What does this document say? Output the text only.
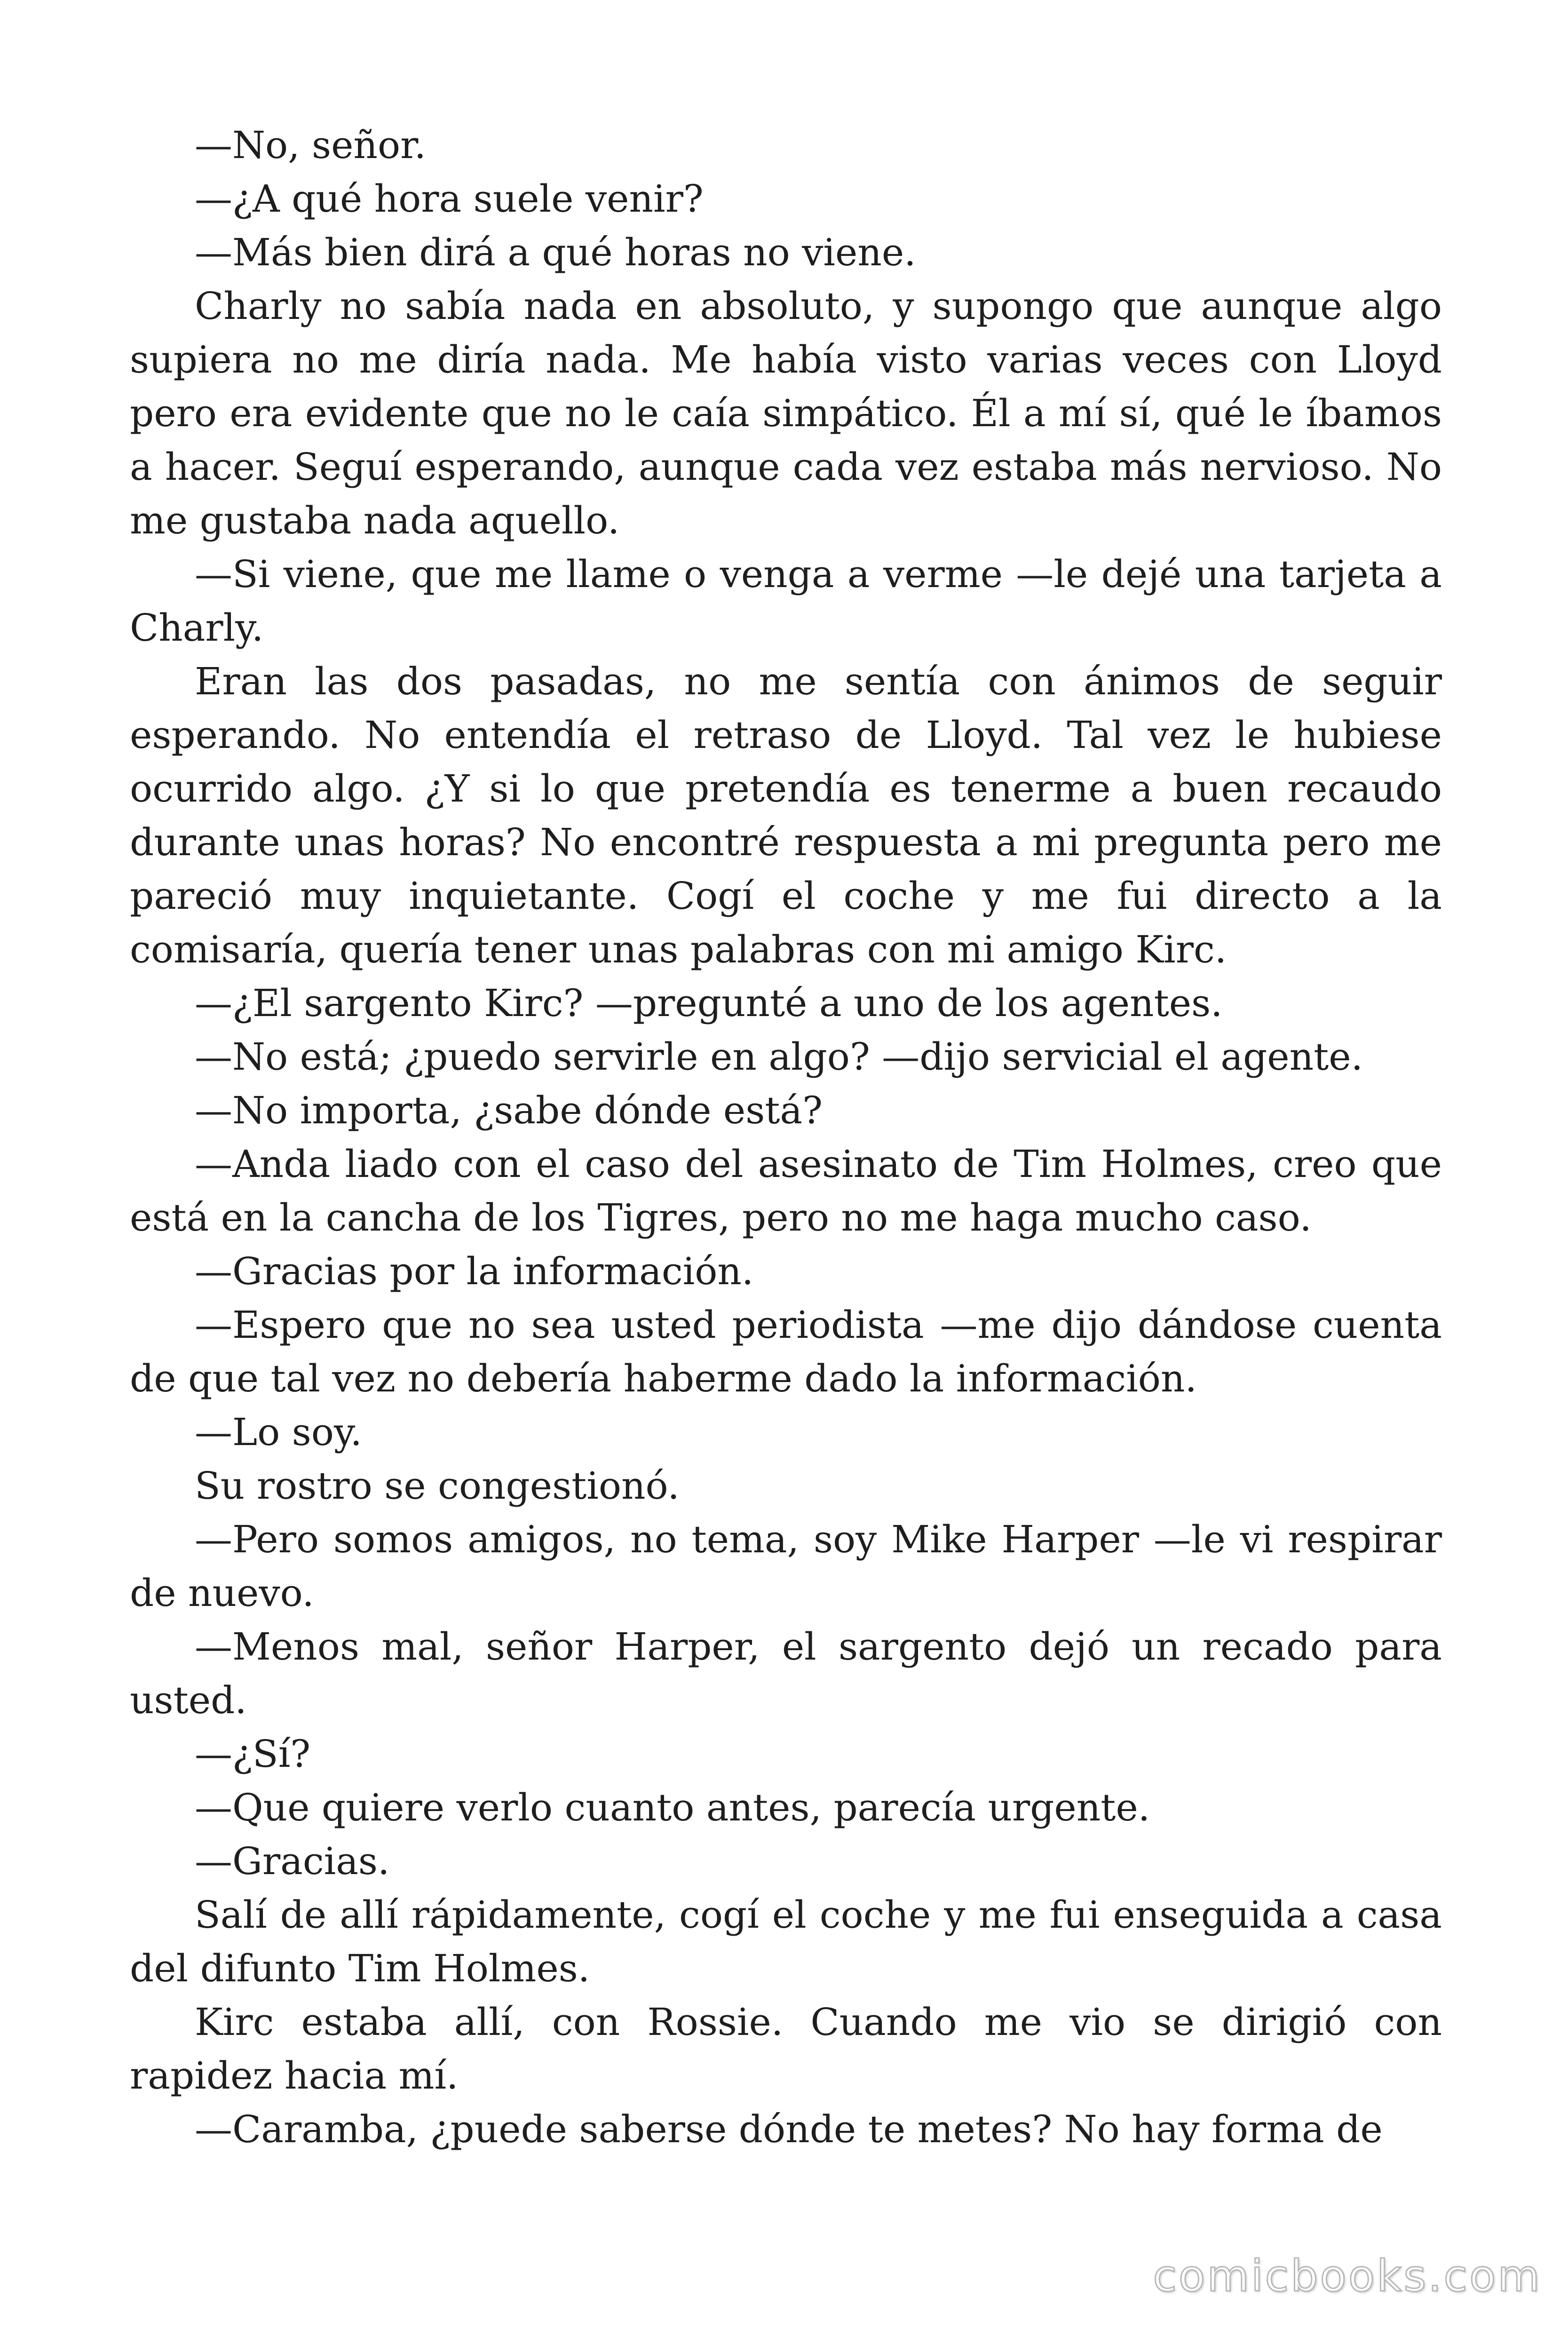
—No, señor.

—¿A qué hora suele venir?

—Más bien dirá a qué horas no viene.

Charly no sabía nada en absoluto, y supongo que aunque algo supiera no me diría nada. Me había visto varias veces con Lloyd pero era evidente que no le caía simpático. Él a mí sí, qué le íbamos a hacer. Seguí esperando, aunque cada vez estaba más nervioso. No me gustaba nada aquello.

—Si viene, que me llame o venga a verme —le dejé una tarjeta a Charly.

Eran las dos pasadas, no me sentía con ánimos de seguir esperando. No entendía el retraso de Lloyd. Tal vez le hubiese ocurrido algo. ¿Y si lo que pretendía es tenerme a buen recaudo durante unas horas? No encontré respuesta a mi pregunta pero me pareció muy inquietante. Cogí el coche y me fui directo a la comisaría, quería tener unas palabras con mi amigo Kirc.

—¿El sargento Kirc? —pregunté a uno de los agentes.

—No está; ¿puedo servirle en algo? —dijo servicial el agente.

—No importa, ¿sabe dónde está?

—Anda liado con el caso del asesinato de Tim Holmes, creo que está en la cancha de los Tigres, pero no me haga mucho caso.

—Gracias por la información.

—Espero que no sea usted periodista —me dijo dándose cuenta de que tal vez no debería haberme dado la información.

—Lo soy.

Su rostro se congestionó.

—Pero somos amigos, no tema, soy Mike Harper —le vi respirar de nuevo.

—Menos mal, señor Harper, el sargento dejó un recado para usted.

—¿Sí?

—Que quiere verlo cuanto antes, parecía urgente.

—Gracias.

Salí de allí rápidamente, cogí el coche y me fui enseguida a casa del difunto Tim Holmes.

Kirc estaba allí, con Rossie. Cuando me vio se dirigió con rapidez hacia mí.

—Caramba, ¿puede saberse dónde te metes? No hay forma de

comicbooks.com
